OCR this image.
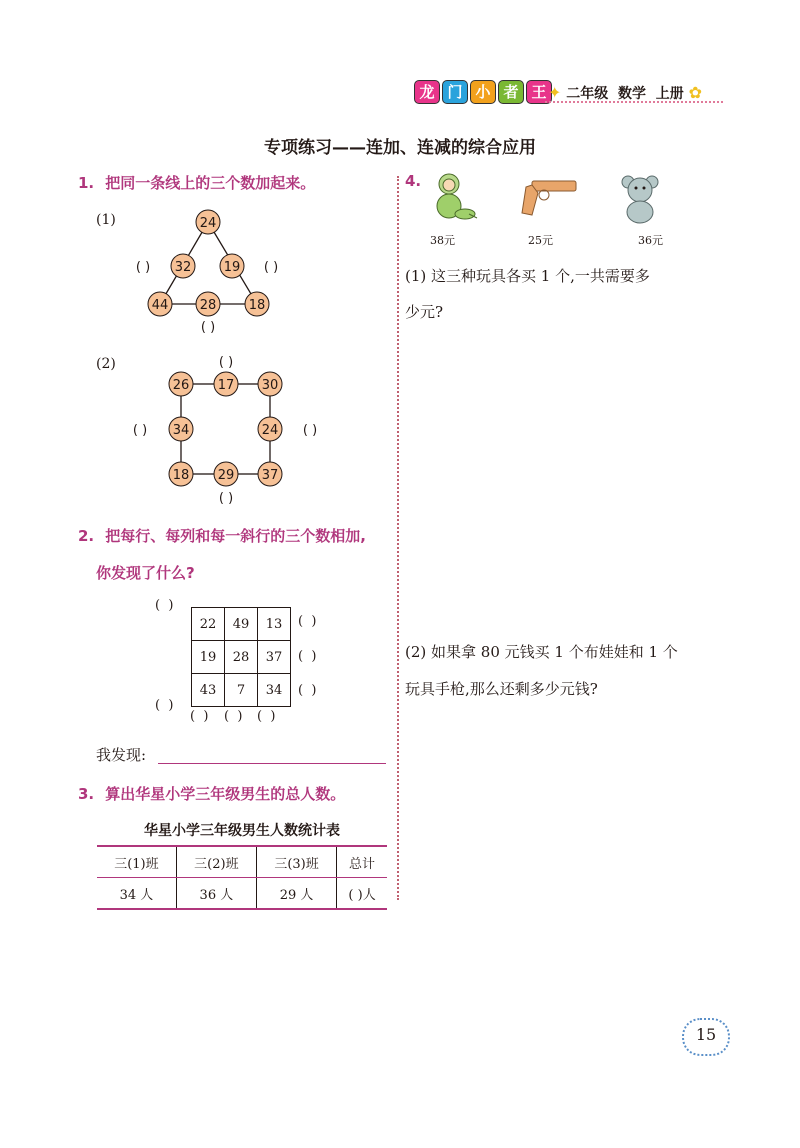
龙 门 小 者 王 ✦ 二年级 数学 上册 ✿
专项练习——连加、连减的综合应用
1. 把同一条线上的三个数加起来。
(1)	24
32 19
44 28 18
( )	( )
( )
(2)
26 17 30
34	24
18 29 37
( )
( )	( )
( )
2. 把每行、每列和每一斜行的三个数相加,
你发现了什么?
(  )
22	49	13
19	28	37
43	7	34
(  )
(  )
(  )
(  )
(  ) (  ) (  )
我发现:
3. 算出华星小学三年级男生的总人数。
华星小学三年级男生人数统计表
三(1)班	三(2)班	三(3)班	总计
34 人	36 人	29 人	( )人
4.
38元	25元	36元
(1) 这三种玩具各买 1 个,一共需要多
少元?
(2) 如果拿 80 元钱买 1 个布娃娃和 1 个
玩具手枪,那么还剩多少元钱?
15
